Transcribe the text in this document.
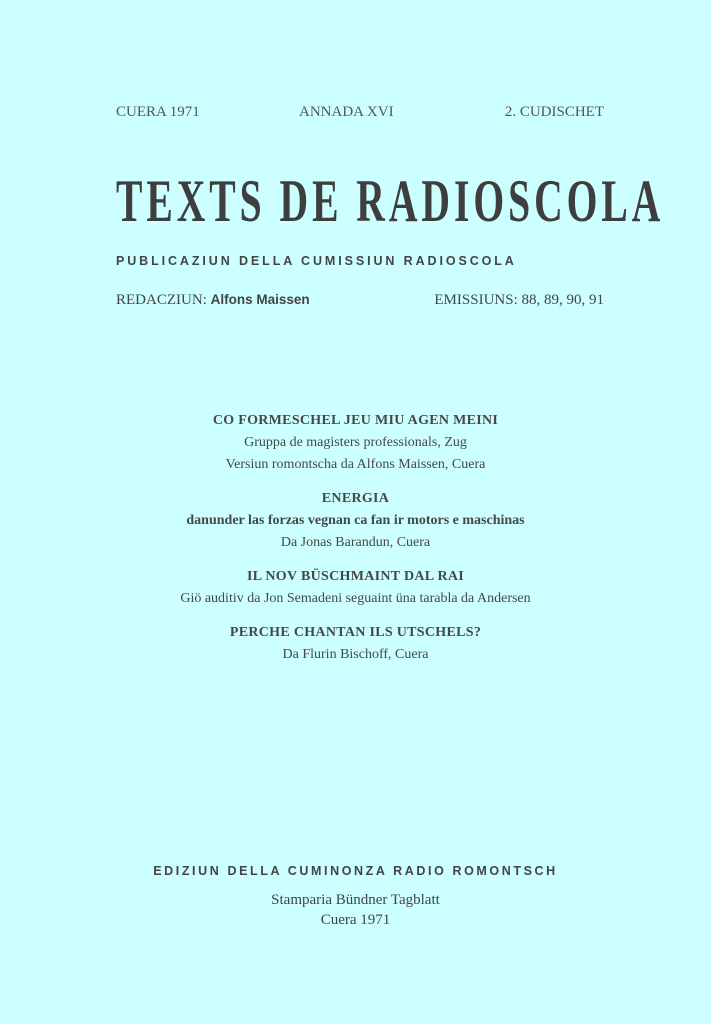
CUERA 1971	ANNADA XVI	2. CUDISCHET
TEXTS DE RADIOSCOLA
PUBLICAZIUN DELLA CUMISSIUN RADIOSCOLA
REDACZIUN: Alfons Maissen	EMISSIUNS: 88, 89, 90, 91

CO FORMESCHEL JEU MIU AGEN MEINI

Gruppa de magisters professionals, Zug

Versiun romontscha da Alfons Maissen, Cuera

ENERGIA

danunder las forzas vegnan ca fan ir motors e maschinas

Da Jonas Barandun, Cuera

IL NOV BÜSCHMAINT DAL RAI

Giö auditiv da Jon Semadeni seguaint üna tarabla da Andersen

PERCHE CHANTAN ILS UTSCHELS?

Da Flurin Bischoff, Cuera

EDIZIUN DELLA CUMINONZA RADIO ROMONTSCH

Stamparia Bündner Tagblatt

Cuera 1971
